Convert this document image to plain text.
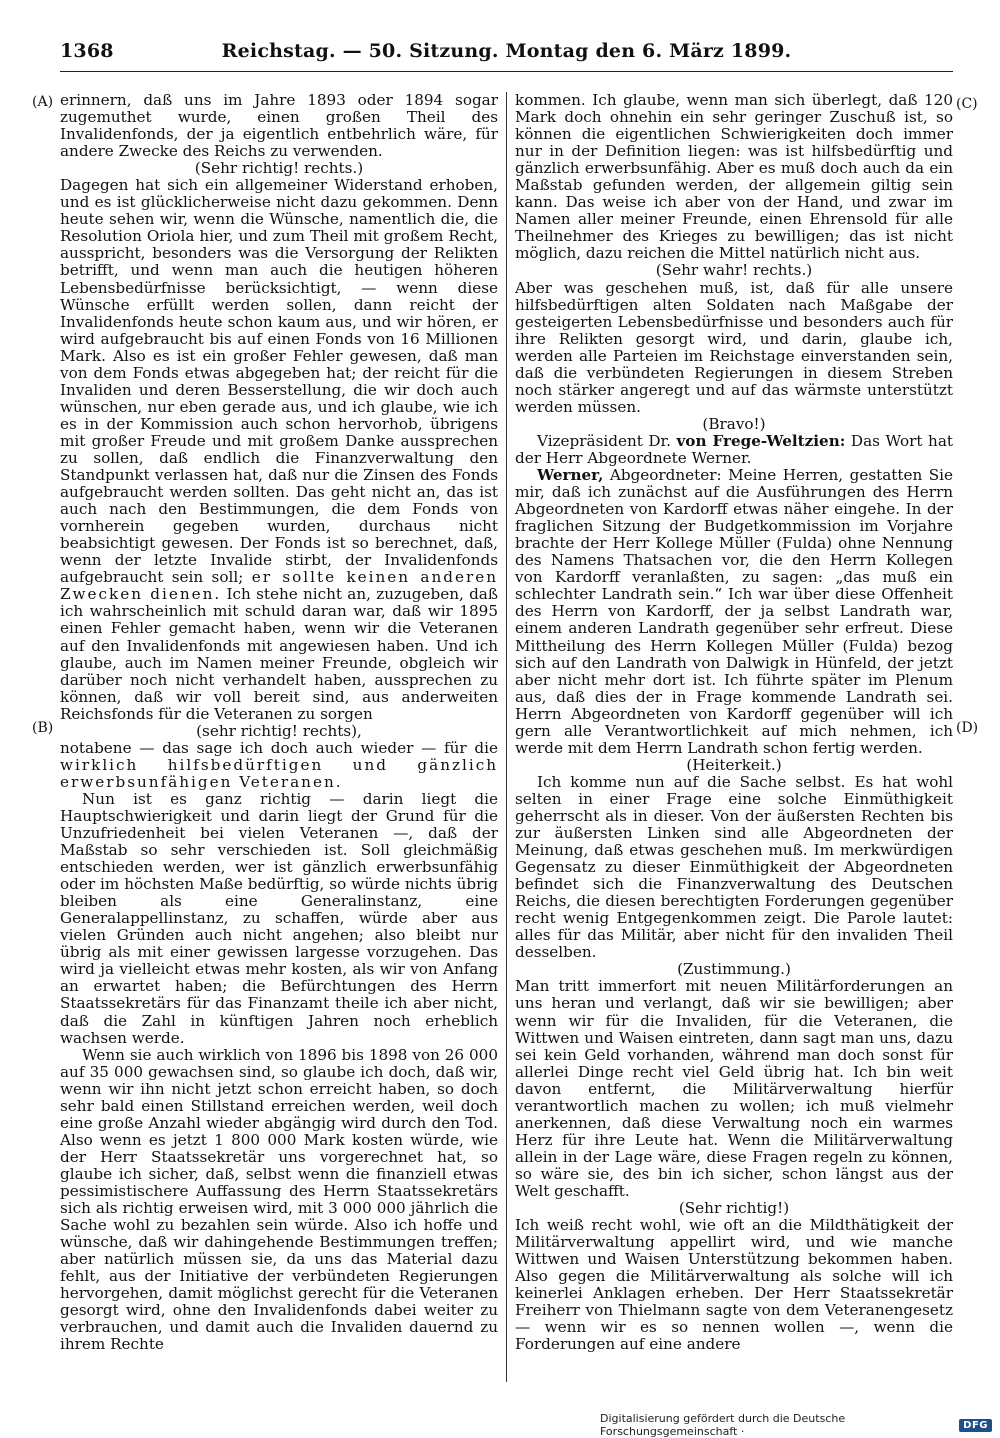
1368	Reichstag. — 50. Sitzung. Montag den 6. März 1899.

erinnern, daß uns im Jahre 1893 oder 1894 sogar zugemuthet wurde, einen großen Theil des Invalidenfonds, der ja eigentlich entbehrlich wäre, für andere Zwecke des Reichs zu verwenden.

(Sehr richtig! rechts.)

Dagegen hat sich ein allgemeiner Widerstand erhoben, und es ist glücklicherweise nicht dazu gekommen. Denn heute sehen wir, wenn die Wünsche, namentlich die, die Resolution Oriola hier, und zum Theil mit großem Recht, ausspricht, besonders was die Versorgung der Relikten betrifft, und wenn man auch die heutigen höheren Lebensbedürfnisse berücksichtigt, — wenn diese Wünsche erfüllt werden sollen, dann reicht der Invalidenfonds heute schon kaum aus, und wir hören, er wird aufgebraucht bis auf einen Fonds von 16 Millionen Mark. Also es ist ein großer Fehler gewesen, daß man von dem Fonds etwas abgegeben hat; der reicht für die Invaliden und deren Besserstellung, die wir doch auch wünschen, nur eben gerade aus, und ich glaube, wie ich es in der Kommission auch schon hervorhob, übrigens mit großer Freude und mit großem Danke aussprechen zu sollen, daß endlich die Finanzverwaltung den Standpunkt verlassen hat, daß nur die Zinsen des Fonds aufgebraucht werden sollten. Das geht nicht an, das ist auch nach den Bestimmungen, die dem Fonds von vornherein gegeben wurden, durchaus nicht beabsichtigt gewesen. Der Fonds ist so berechnet, daß, wenn der letzte Invalide stirbt, der Invalidenfonds aufgebraucht sein soll; er sollte keinen anderen Zwecken dienen. Ich stehe nicht an, zuzugeben, daß ich wahrscheinlich mit schuld daran war, daß wir 1895 einen Fehler gemacht haben, wenn wir die Veteranen auf den Invalidenfonds mit angewiesen haben. Und ich glaube, auch im Namen meiner Freunde, obgleich wir darüber noch nicht verhandelt haben, aussprechen zu können, daß wir voll bereit sind, aus anderweiten Reichsfonds für die Veteranen zu sorgen

(sehr richtig! rechts),

notabene — das sage ich doch auch wieder — für die wirklich hilfsbedürftigen und gänzlich erwerbsunfähigen Veteranen.

Nun ist es ganz richtig — darin liegt die Hauptschwierigkeit und darin liegt der Grund für die Unzufriedenheit bei vielen Veteranen —, daß der Maßstab so sehr verschieden ist. Soll gleichmäßig entschieden werden, wer ist gänzlich erwerbsunfähig oder im höchsten Maße bedürftig, so würde nichts übrig bleiben als eine Generalinstanz, eine Generalappellinstanz, zu schaffen, würde aber aus vielen Gründen auch nicht angehen; also bleibt nur übrig als mit einer gewissen largesse vorzugehen. Das wird ja vielleicht etwas mehr kosten, als wir von Anfang an erwartet haben; die Befürchtungen des Herrn Staatssekretärs für das Finanzamt theile ich aber nicht, daß die Zahl in künftigen Jahren noch erheblich wachsen werde.

Wenn sie auch wirklich von 1896 bis 1898 von 26 000 auf 35 000 gewachsen sind, so glaube ich doch, daß wir, wenn wir ihn nicht jetzt schon erreicht haben, so doch sehr bald einen Stillstand erreichen werden, weil doch eine große Anzahl wieder abgängig wird durch den Tod. Also wenn es jetzt 1 800 000 Mark kosten würde, wie der Herr Staatssekretär uns vorgerechnet hat, so glaube ich sicher, daß, selbst wenn die finanziell etwas pessimistischere Auffassung des Herrn Staatssekretärs sich als richtig erweisen wird, mit 3 000 000 jährlich die Sache wohl zu bezahlen sein würde. Also ich hoffe und wünsche, daß wir dahingehende Bestimmungen treffen; aber natürlich müssen sie, da uns das Material dazu fehlt, aus der Initiative der verbündeten Regierungen hervorgehen, damit möglichst gerecht für die Veteranen gesorgt wird, ohne den Invalidenfonds dabei weiter zu verbrauchen, und damit auch die Invaliden dauernd zu ihrem Rechte

kommen. Ich glaube, wenn man sich überlegt, daß 120 Mark doch ohnehin ein sehr geringer Zuschuß ist, so können die eigentlichen Schwierigkeiten doch immer nur in der Definition liegen: was ist hilfsbedürftig und gänzlich erwerbsunfähig. Aber es muß doch auch da ein Maßstab gefunden werden, der allgemein giltig sein kann. Das weise ich aber von der Hand, und zwar im Namen aller meiner Freunde, einen Ehrensold für alle Theilnehmer des Krieges zu bewilligen; das ist nicht möglich, dazu reichen die Mittel natürlich nicht aus.

(Sehr wahr! rechts.)

Aber was geschehen muß, ist, daß für alle unsere hilfsbedürftigen alten Soldaten nach Maßgabe der gesteigerten Lebensbedürfnisse und besonders auch für ihre Relikten gesorgt wird, und darin, glaube ich, werden alle Parteien im Reichstage einverstanden sein, daß die verbündeten Regierungen in diesem Streben noch stärker angeregt und auf das wärmste unterstützt werden müssen.

(Bravo!)

Vizepräsident Dr. von Frege-Weltzien: Das Wort hat der Herr Abgeordnete Werner.

Werner, Abgeordneter: Meine Herren, gestatten Sie mir, daß ich zunächst auf die Ausführungen des Herrn Abgeordneten von Kardorff etwas näher eingehe. In der fraglichen Sitzung der Budgetkommission im Vorjahre brachte der Herr Kollege Müller (Fulda) ohne Nennung des Namens Thatsachen vor, die den Herrn Kollegen von Kardorff veranlaßten, zu sagen: „das muß ein schlechter Landrath sein.“ Ich war über diese Offenheit des Herrn von Kardorff, der ja selbst Landrath war, einem anderen Landrath gegenüber sehr erfreut. Diese Mittheilung des Herrn Kollegen Müller (Fulda) bezog sich auf den Landrath von Dalwigk in Hünfeld, der jetzt aber nicht mehr dort ist. Ich führte später im Plenum aus, daß dies der in Frage kommende Landrath sei. Herrn Abgeordneten von Kardorff gegenüber will ich gern alle Verantwortlichkeit auf mich nehmen, ich werde mit dem Herrn Landrath schon fertig werden.

(Heiterkeit.)

Ich komme nun auf die Sache selbst. Es hat wohl selten in einer Frage eine solche Einmüthigkeit geherrscht als in dieser. Von der äußersten Rechten bis zur äußersten Linken sind alle Abgeordneten der Meinung, daß etwas geschehen muß. Im merkwürdigen Gegensatz zu dieser Einmüthigkeit der Abgeordneten befindet sich die Finanzverwaltung des Deutschen Reichs, die diesen berechtigten Forderungen gegenüber recht wenig Entgegenkommen zeigt. Die Parole lautet: alles für das Militär, aber nicht für den invaliden Theil desselben.

(Zustimmung.)

Man tritt immerfort mit neuen Militärforderungen an uns heran und verlangt, daß wir sie bewilligen; aber wenn wir für die Invaliden, für die Veteranen, die Wittwen und Waisen eintreten, dann sagt man uns, dazu sei kein Geld vorhanden, während man doch sonst für allerlei Dinge recht viel Geld übrig hat. Ich bin weit davon entfernt, die Militärverwaltung hierfür verantwortlich machen zu wollen; ich muß vielmehr anerkennen, daß diese Verwaltung noch ein warmes Herz für ihre Leute hat. Wenn die Militärverwaltung allein in der Lage wäre, diese Fragen regeln zu können, so wäre sie, des bin ich sicher, schon längst aus der Welt geschafft.

(Sehr richtig!)

Ich weiß recht wohl, wie oft an die Mildthätigkeit der Militärverwaltung appellirt wird, und wie manche Wittwen und Waisen Unterstützung bekommen haben. Also gegen die Militärverwaltung als solche will ich keinerlei Anklagen erheben. Der Herr Staatssekretär Freiherr von Thielmann sagte von dem Veteranengesetz — wenn wir es so nennen wollen —, wenn die Forderungen auf eine andere

(A)
(B)
(C)
(D)
Digitalisierung gefördert durch die Deutsche Forschungsgemeinschaft ·	DFG
